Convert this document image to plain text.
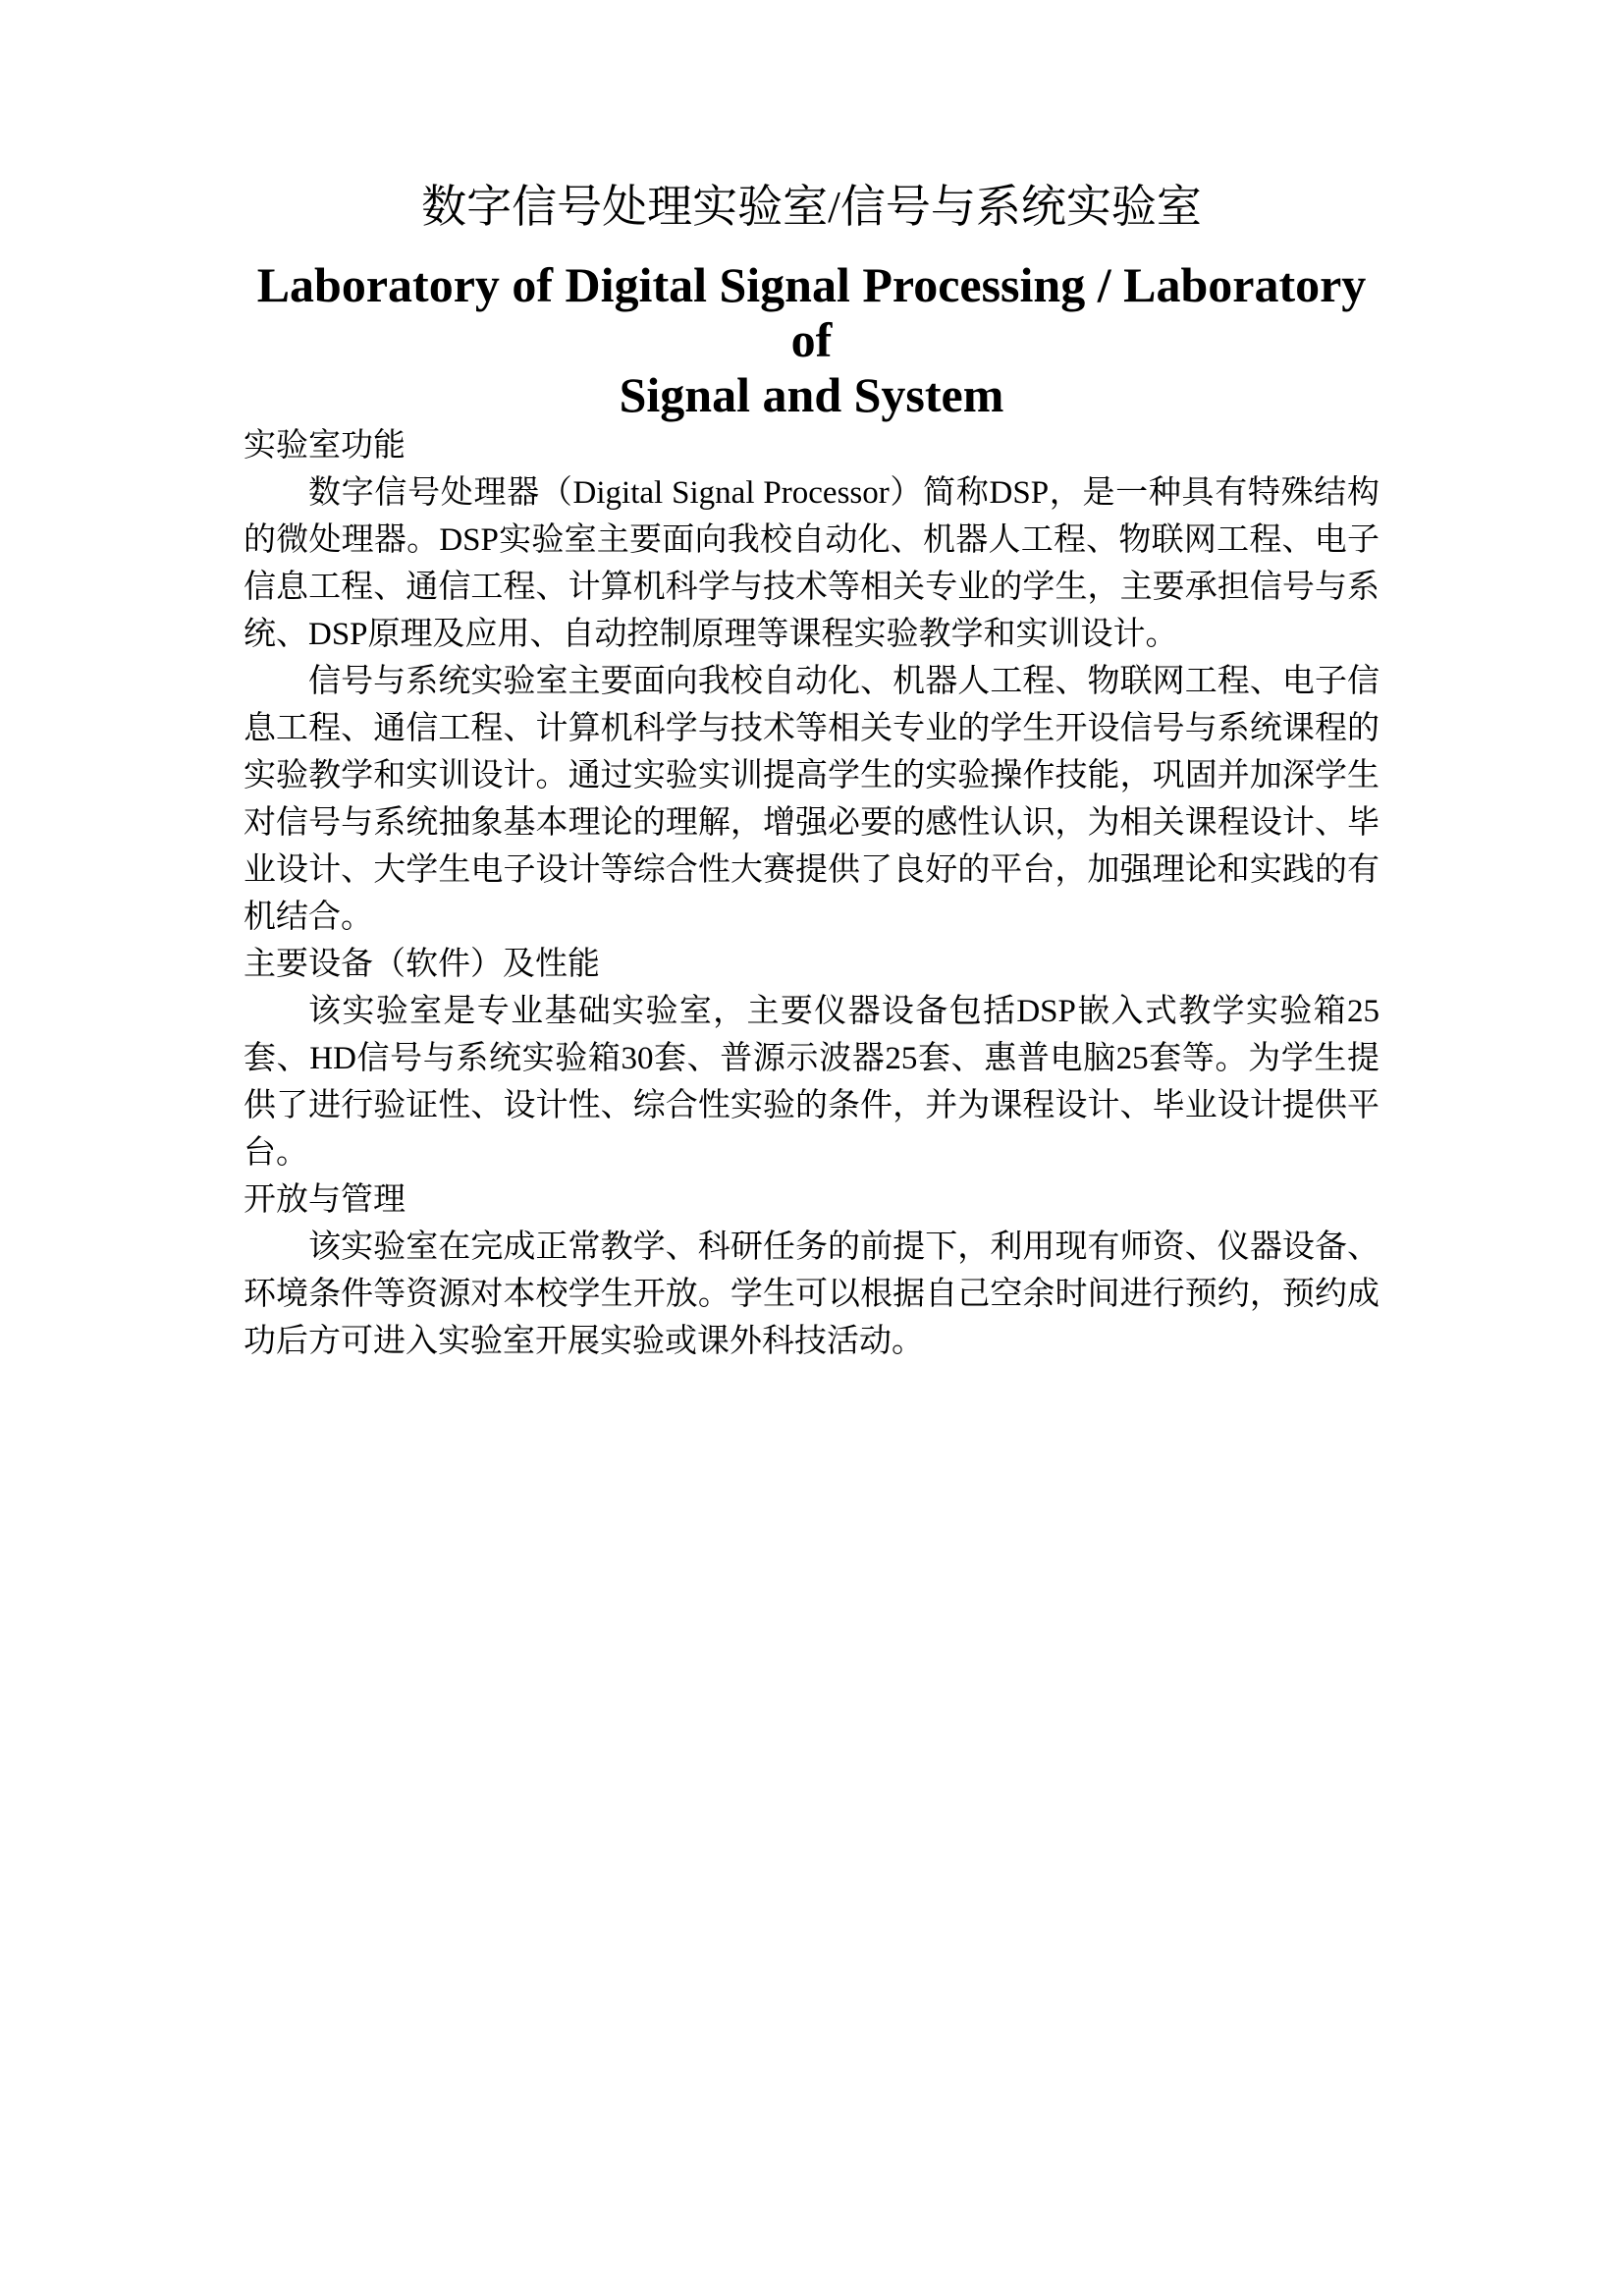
数字信号处理实验室/信号与系统实验室
Laboratory of Digital Signal Processing / Laboratory of
Signal and System
实验室功能

数字信号处理器（Digital Signal Processor）简称DSP，是一种具有特殊结构的微处理器。DSP实验室主要面向我校自动化、机器人工程、物联网工程、电子信息工程、通信工程、计算机科学与技术等相关专业的学生，主要承担信号与系统、DSP原理及应用、自动控制原理等课程实验教学和实训设计。

信号与系统实验室主要面向我校自动化、机器人工程、物联网工程、电子信息工程、通信工程、计算机科学与技术等相关专业的学生开设信号与系统课程的实验教学和实训设计。通过实验实训提高学生的实验操作技能，巩固并加深学生对信号与系统抽象基本理论的理解，增强必要的感性认识，为相关课程设计、毕业设计、大学生电子设计等综合性大赛提供了良好的平台，加强理论和实践的有机结合。

主要设备（软件）及性能

该实验室是专业基础实验室，主要仪器设备包括DSP嵌入式教学实验箱25套、HD信号与系统实验箱30套、普源示波器25套、惠普电脑25套等。为学生提供了进行验证性、设计性、综合性实验的条件，并为课程设计、毕业设计提供平台。

开放与管理

该实验室在完成正常教学、科研任务的前提下，利用现有师资、仪器设备、环境条件等资源对本校学生开放。学生可以根据自己空余时间进行预约，预约成功后方可进入实验室开展实验或课外科技活动。
